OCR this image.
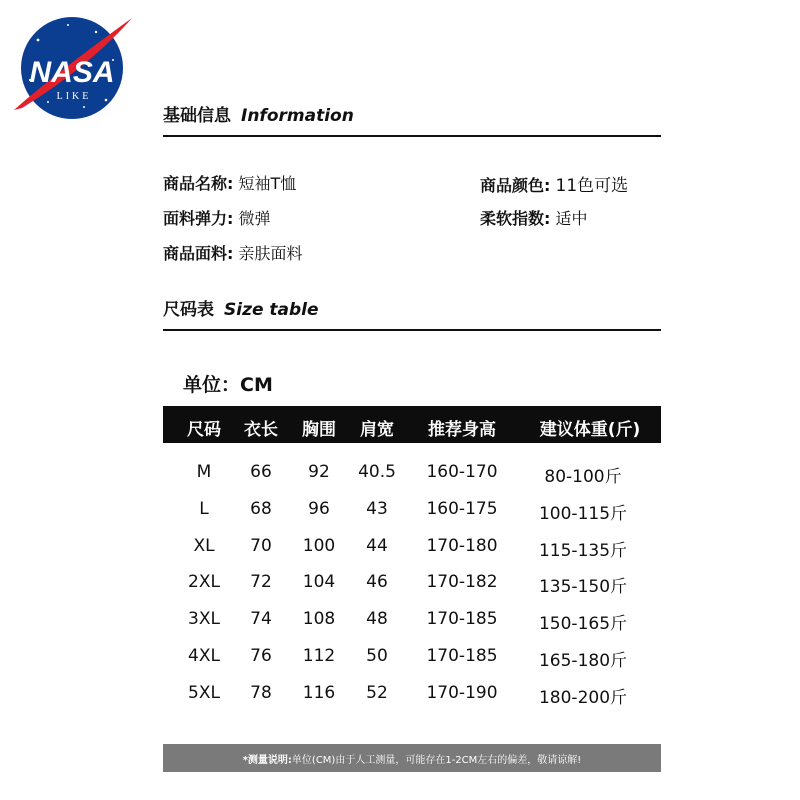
NASA
LIKE
基础信息 Information
商品名称: 短袖T恤	商品颜色: 11色可选
面料弹力: 微弹	柔软指数: 适中
商品面料: 亲肤面料
尺码表 Size table
单位：CM
尺码 衣长 胸围 肩宽 推荐身高	建议体重(斤)
M 66 92 40.5 160-170	80-100斤
L 68 96 43 160-175 100-115斤
XL 70 100 44 170-180 115-135斤
2XL 72 104 46 170-182 135-150斤
3XL 74 108 48 170-185 150-165斤
4XL 76 112 50 170-185 165-180斤
5XL 78 116 52 170-190 180-200斤
*测量说明: 单位(CM)由于人工测量，可能存在1-2CM左右的偏差，敬请谅解!
